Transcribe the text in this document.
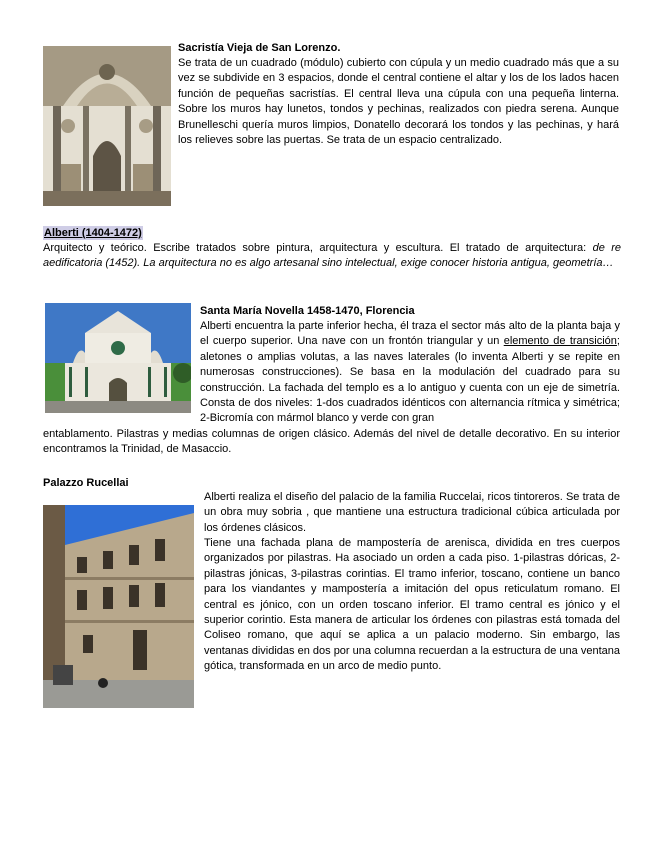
Sacristía Vieja de San Lorenzo.

Se trata de un cuadrado (módulo) cubierto con cúpula y un medio cuadrado más que a su vez se subdivide en 3 espacios, donde el central contiene el altar y los de los lados hacen función de pequeñas sacristías. El central lleva una cúpula con una pequeña linterna. Sobre los muros hay lunetos, tondos y pechinas, realizados con piedra serena. Aunque Brunelleschi quería muros limpios, Donatello decorará los tondos y las pechinas, y hará los relieves sobre las puertas. Se trata de un espacio centralizado.

Alberti (1404-1472)

Arquitecto y teórico. Escribe tratados sobre pintura, arquitectura y escultura. El tratado de arquitectura: de re aedificatoria (1452). La arquitectura no es algo artesanal sino intelectual, exige conocer historia antigua, geometría…

Santa María Novella 1458-1470, Florencia

Alberti encuentra la parte inferior hecha, él traza el sector más alto de la planta baja y el cuerpo superior. Una nave con un frontón triangular y un elemento de transición; aletones o amplias volutas, a las naves laterales (lo inventa Alberti y se repite en numerosas construcciones). Se basa en la modulación del cuadrado para su construcción. La fachada del templo es a lo antiguo y cuenta con un eje de simetría. Consta de dos niveles: 1-dos cuadrados idénticos con alternancia rítmica y simétrica; 2-Bicromía con mármol blanco y verde con gran

entablamento. Pilastras y medias columnas de origen clásico. Además del nivel de detalle decorativo. En su interior encontramos la Trinidad, de Masaccio.

Palazzo Rucellai

Alberti realiza el diseño del palacio de la familia Ruccelai, ricos tintoreros. Se trata de un obra muy sobria , que mantiene una estructura tradicional cúbica articulada por los órdenes clásicos.

Tiene una fachada plana de mampostería de arenisca, dividida en tres cuerpos organizados por pilastras. Ha asociado un orden a cada piso. 1-pilastras dóricas, 2-pilastras jónicas, 3-pilastras corintias. El tramo inferior, toscano, contiene un banco para los viandantes y mampostería a imitación del opus reticulatum romano. El central es jónico, con un orden toscano inferior. El tramo central es jónico y el superior corintio. Esta manera de articular los órdenes con pilastras está tomada del Coliseo romano, que aquí se aplica a un palacio moderno. Sin embargo, las ventanas divididas en dos por una columna recuerdan a la estructura de una ventana gótica, transformada en un arco de medio punto.
